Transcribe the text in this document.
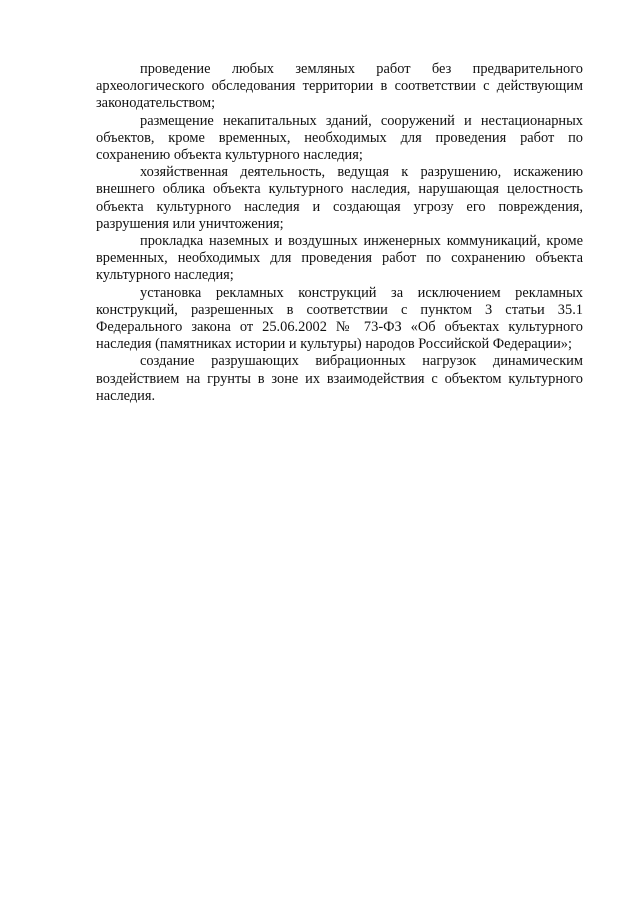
проведение любых земляных работ без предварительного археологического обследования территории в соответствии с действующим законодательством;

размещение некапитальных зданий, сооружений и нестационарных объектов, кроме временных, необходимых для проведения работ по сохранению объекта культурного наследия;

хозяйственная деятельность, ведущая к разрушению, искажению внешнего облика объекта культурного наследия, нарушающая целостность объекта культурного наследия и создающая угрозу его повреждения, разрушения или уничтожения;

прокладка наземных и воздушных инженерных коммуникаций, кроме временных, необходимых для проведения работ по сохранению объекта культурного наследия;

установка рекламных конструкций за исключением рекламных конструкций, разрешенных в соответствии с пунктом 3 статьи 35.1 Федерального закона от 25.06.2002 № 73-ФЗ «Об объектах культурного наследия (памятниках истории и культуры) народов Российской Федерации»;

создание разрушающих вибрационных нагрузок динамическим воздействием на грунты в зоне их взаимодействия с объектом культурного наследия.
